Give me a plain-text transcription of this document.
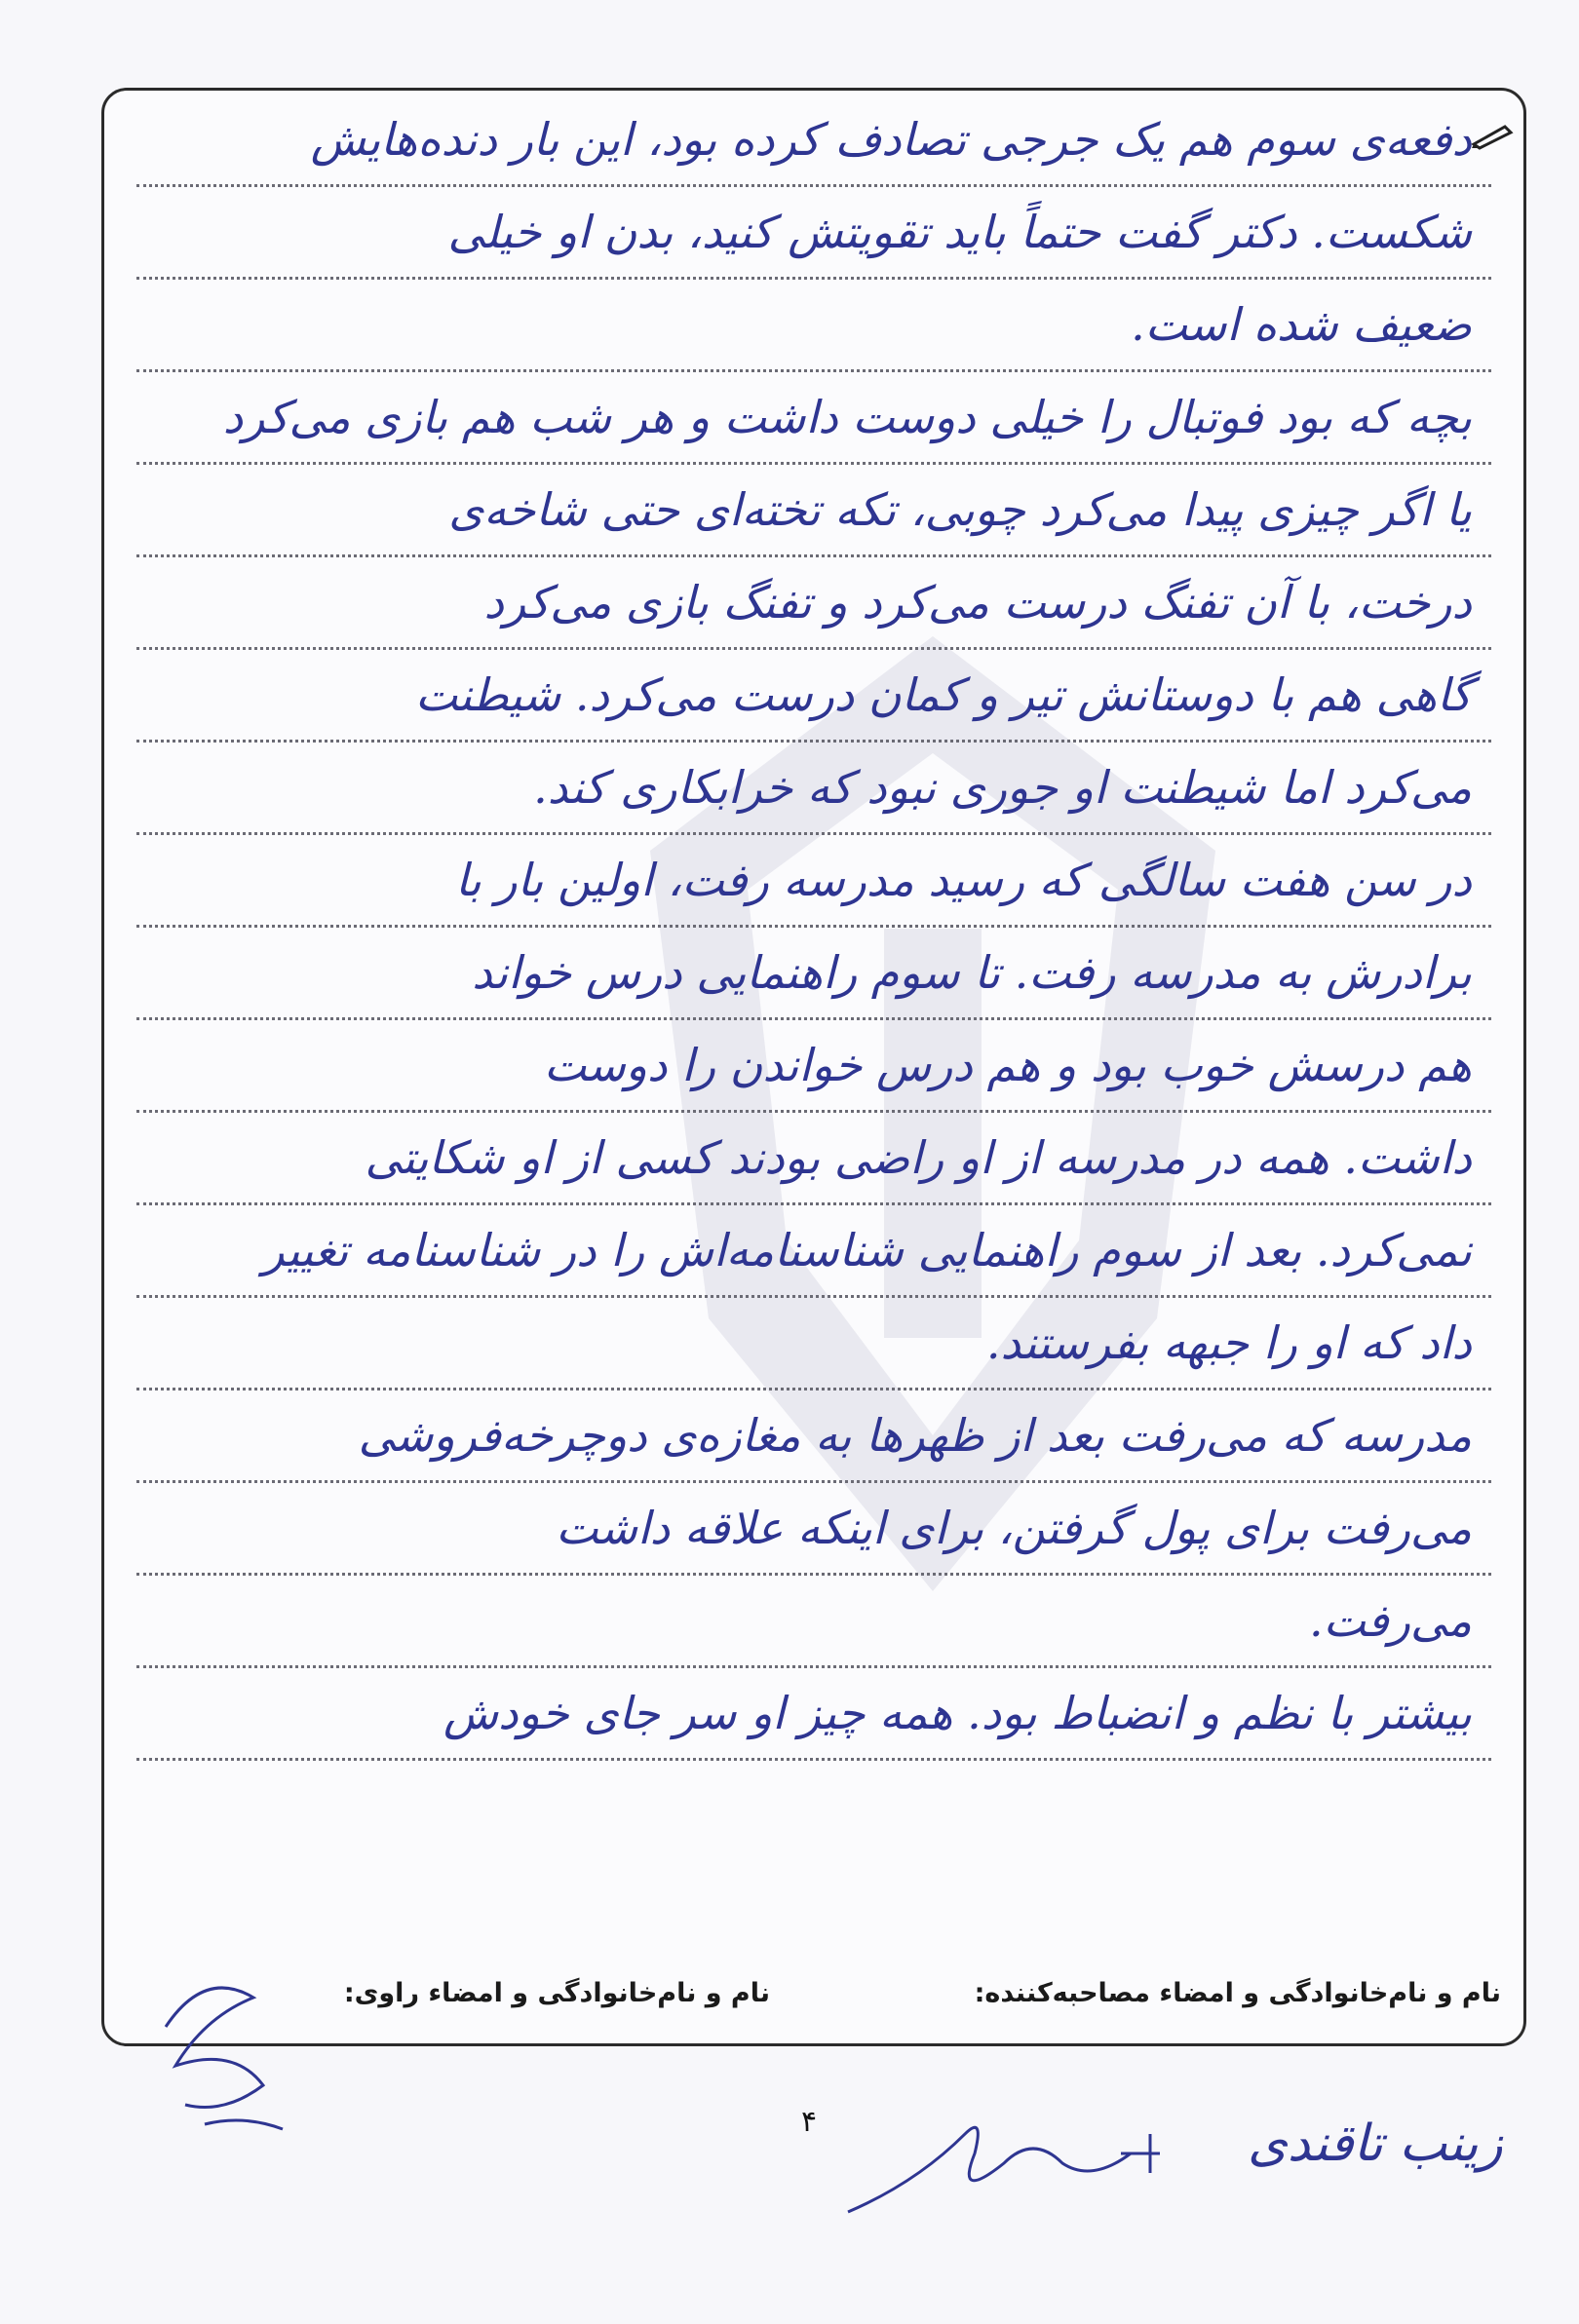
دفعه‌ی سوم هم یک جرجی تصادف کرده بود، این بار دنده‌هایش
شکست. دکتر گفت حتماً باید تقویتش کنید، بدن او خیلی
ضعیف شده است.
بچه که بود فوتبال را خیلی دوست داشت و هر شب هم بازی می‌کرد
یا اگر چیزی پیدا می‌کرد چوبی، تکه تخته‌ای حتی شاخه‌ی
درخت، با آن تفنگ درست می‌کرد و تفنگ بازی می‌کرد
گاهی هم با دوستانش تیر و کمان درست می‌کرد. شیطنت
می‌کرد اما شیطنت او جوری نبود که خرابکاری کند.
در سن هفت سالگی که رسید مدرسه رفت، اولین بار با
برادرش به مدرسه رفت. تا سوم راهنمایی درس خواند
هم درسش خوب بود و هم درس خواندن را دوست
داشت. همه در مدرسه از او راضی بودند کسی از او شکایتی
نمی‌کرد. بعد از سوم راهنمایی شناسنامه‌اش را در شناسنامه تغییر
داد که او را جبهه بفرستند.
مدرسه که می‌رفت بعد از ظهرها به مغازه‌ی دوچرخه‌فروشی
می‌رفت برای پول گرفتن، برای اینکه علاقه داشت
می‌رفت.
بیشتر با نظم و انضباط بود. همه چیز او سر جای خودش
نام و نام‌خانوادگی و امضاء مصاحبه‌کننده:
نام و نام‌خانوادگی و امضاء راوی:
۴	زینب تاقندی
